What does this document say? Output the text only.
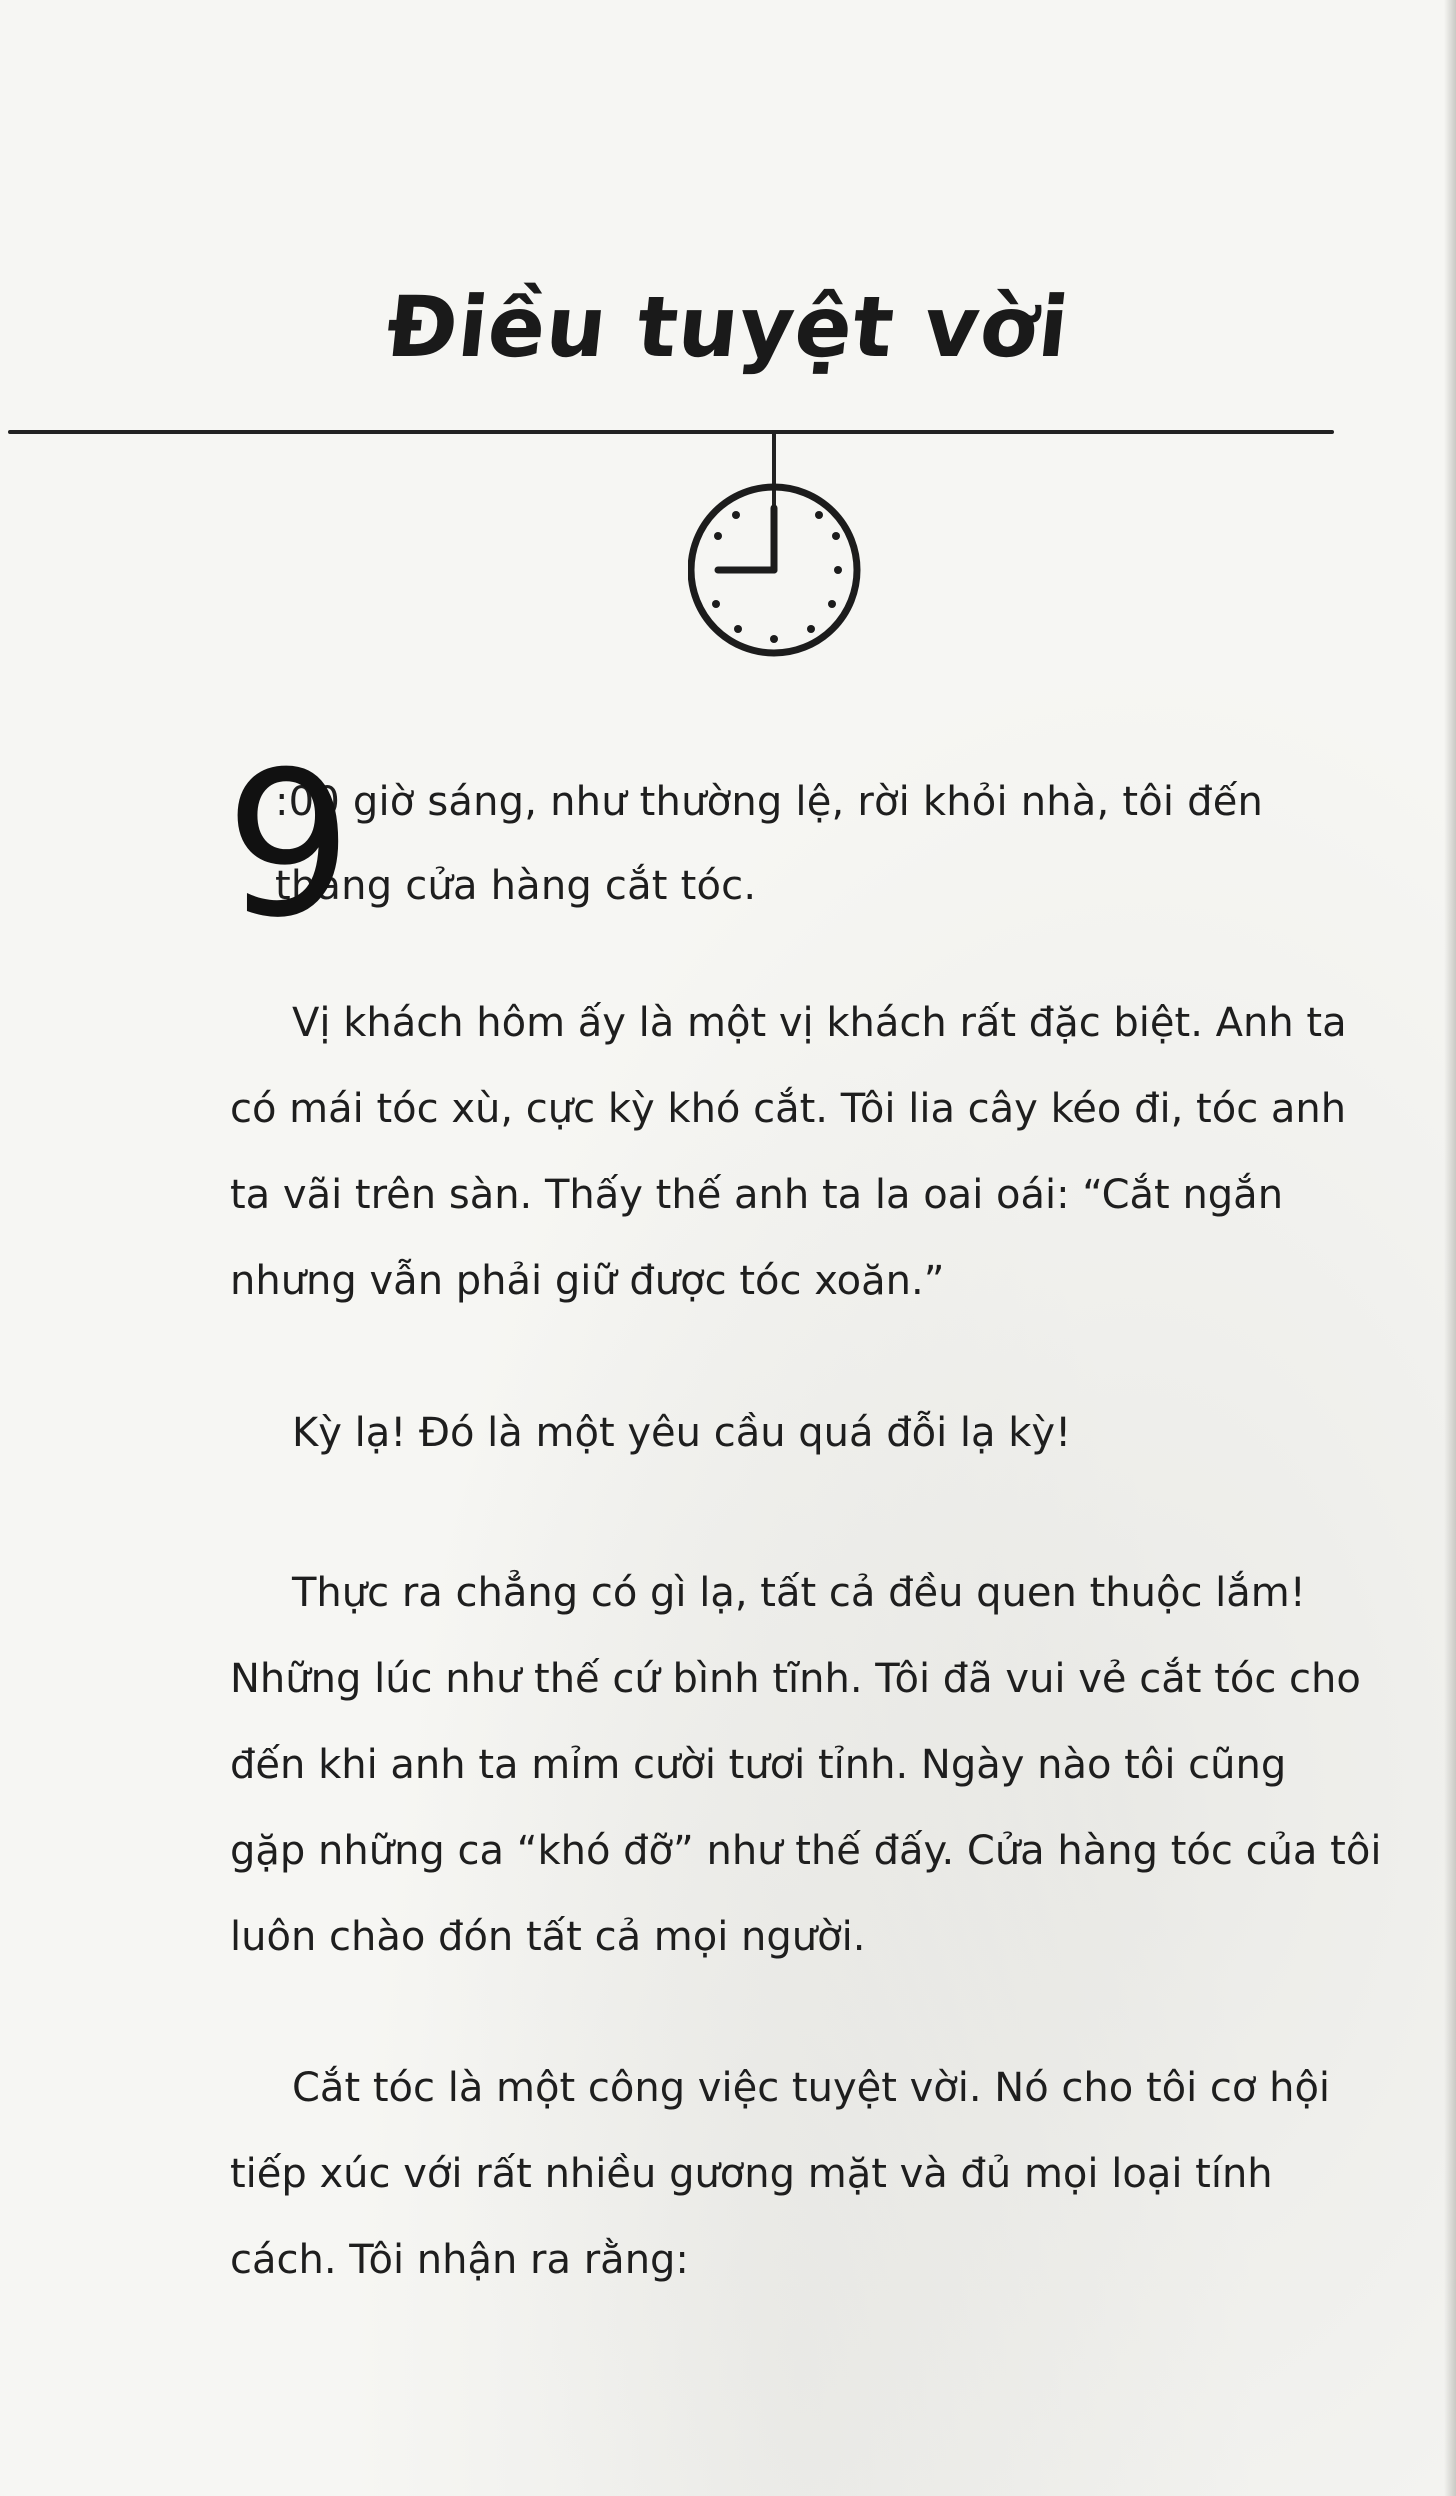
Điều tuyệt vời
9
:00 giờ sáng, như thường lệ, rời khỏi nhà, tôi đến
thẳng cửa hàng cắt tóc.
Vị khách hôm ấy là một vị khách rất đặc biệt. Anh ta
có mái tóc xù, cực kỳ khó cắt. Tôi lia cây kéo đi, tóc anh
ta vãi trên sàn. Thấy thế anh ta la oai oái: “Cắt ngắn
nhưng vẫn phải giữ được tóc xoăn.”
Kỳ lạ! Đó là một yêu cầu quá đỗi lạ kỳ!
Thực ra chẳng có gì lạ, tất cả đều quen thuộc lắm!
Những lúc như thế cứ bình tĩnh. Tôi đã vui vẻ cắt tóc cho
đến khi anh ta mỉm cười tươi tỉnh. Ngày nào tôi cũng
gặp những ca “khó đỡ” như thế đấy. Cửa hàng tóc của tôi
luôn chào đón tất cả mọi người.
Cắt tóc là một công việc tuyệt vời. Nó cho tôi cơ hội
tiếp xúc với rất nhiều gương mặt và đủ mọi loại tính
cách. Tôi nhận ra rằng:
